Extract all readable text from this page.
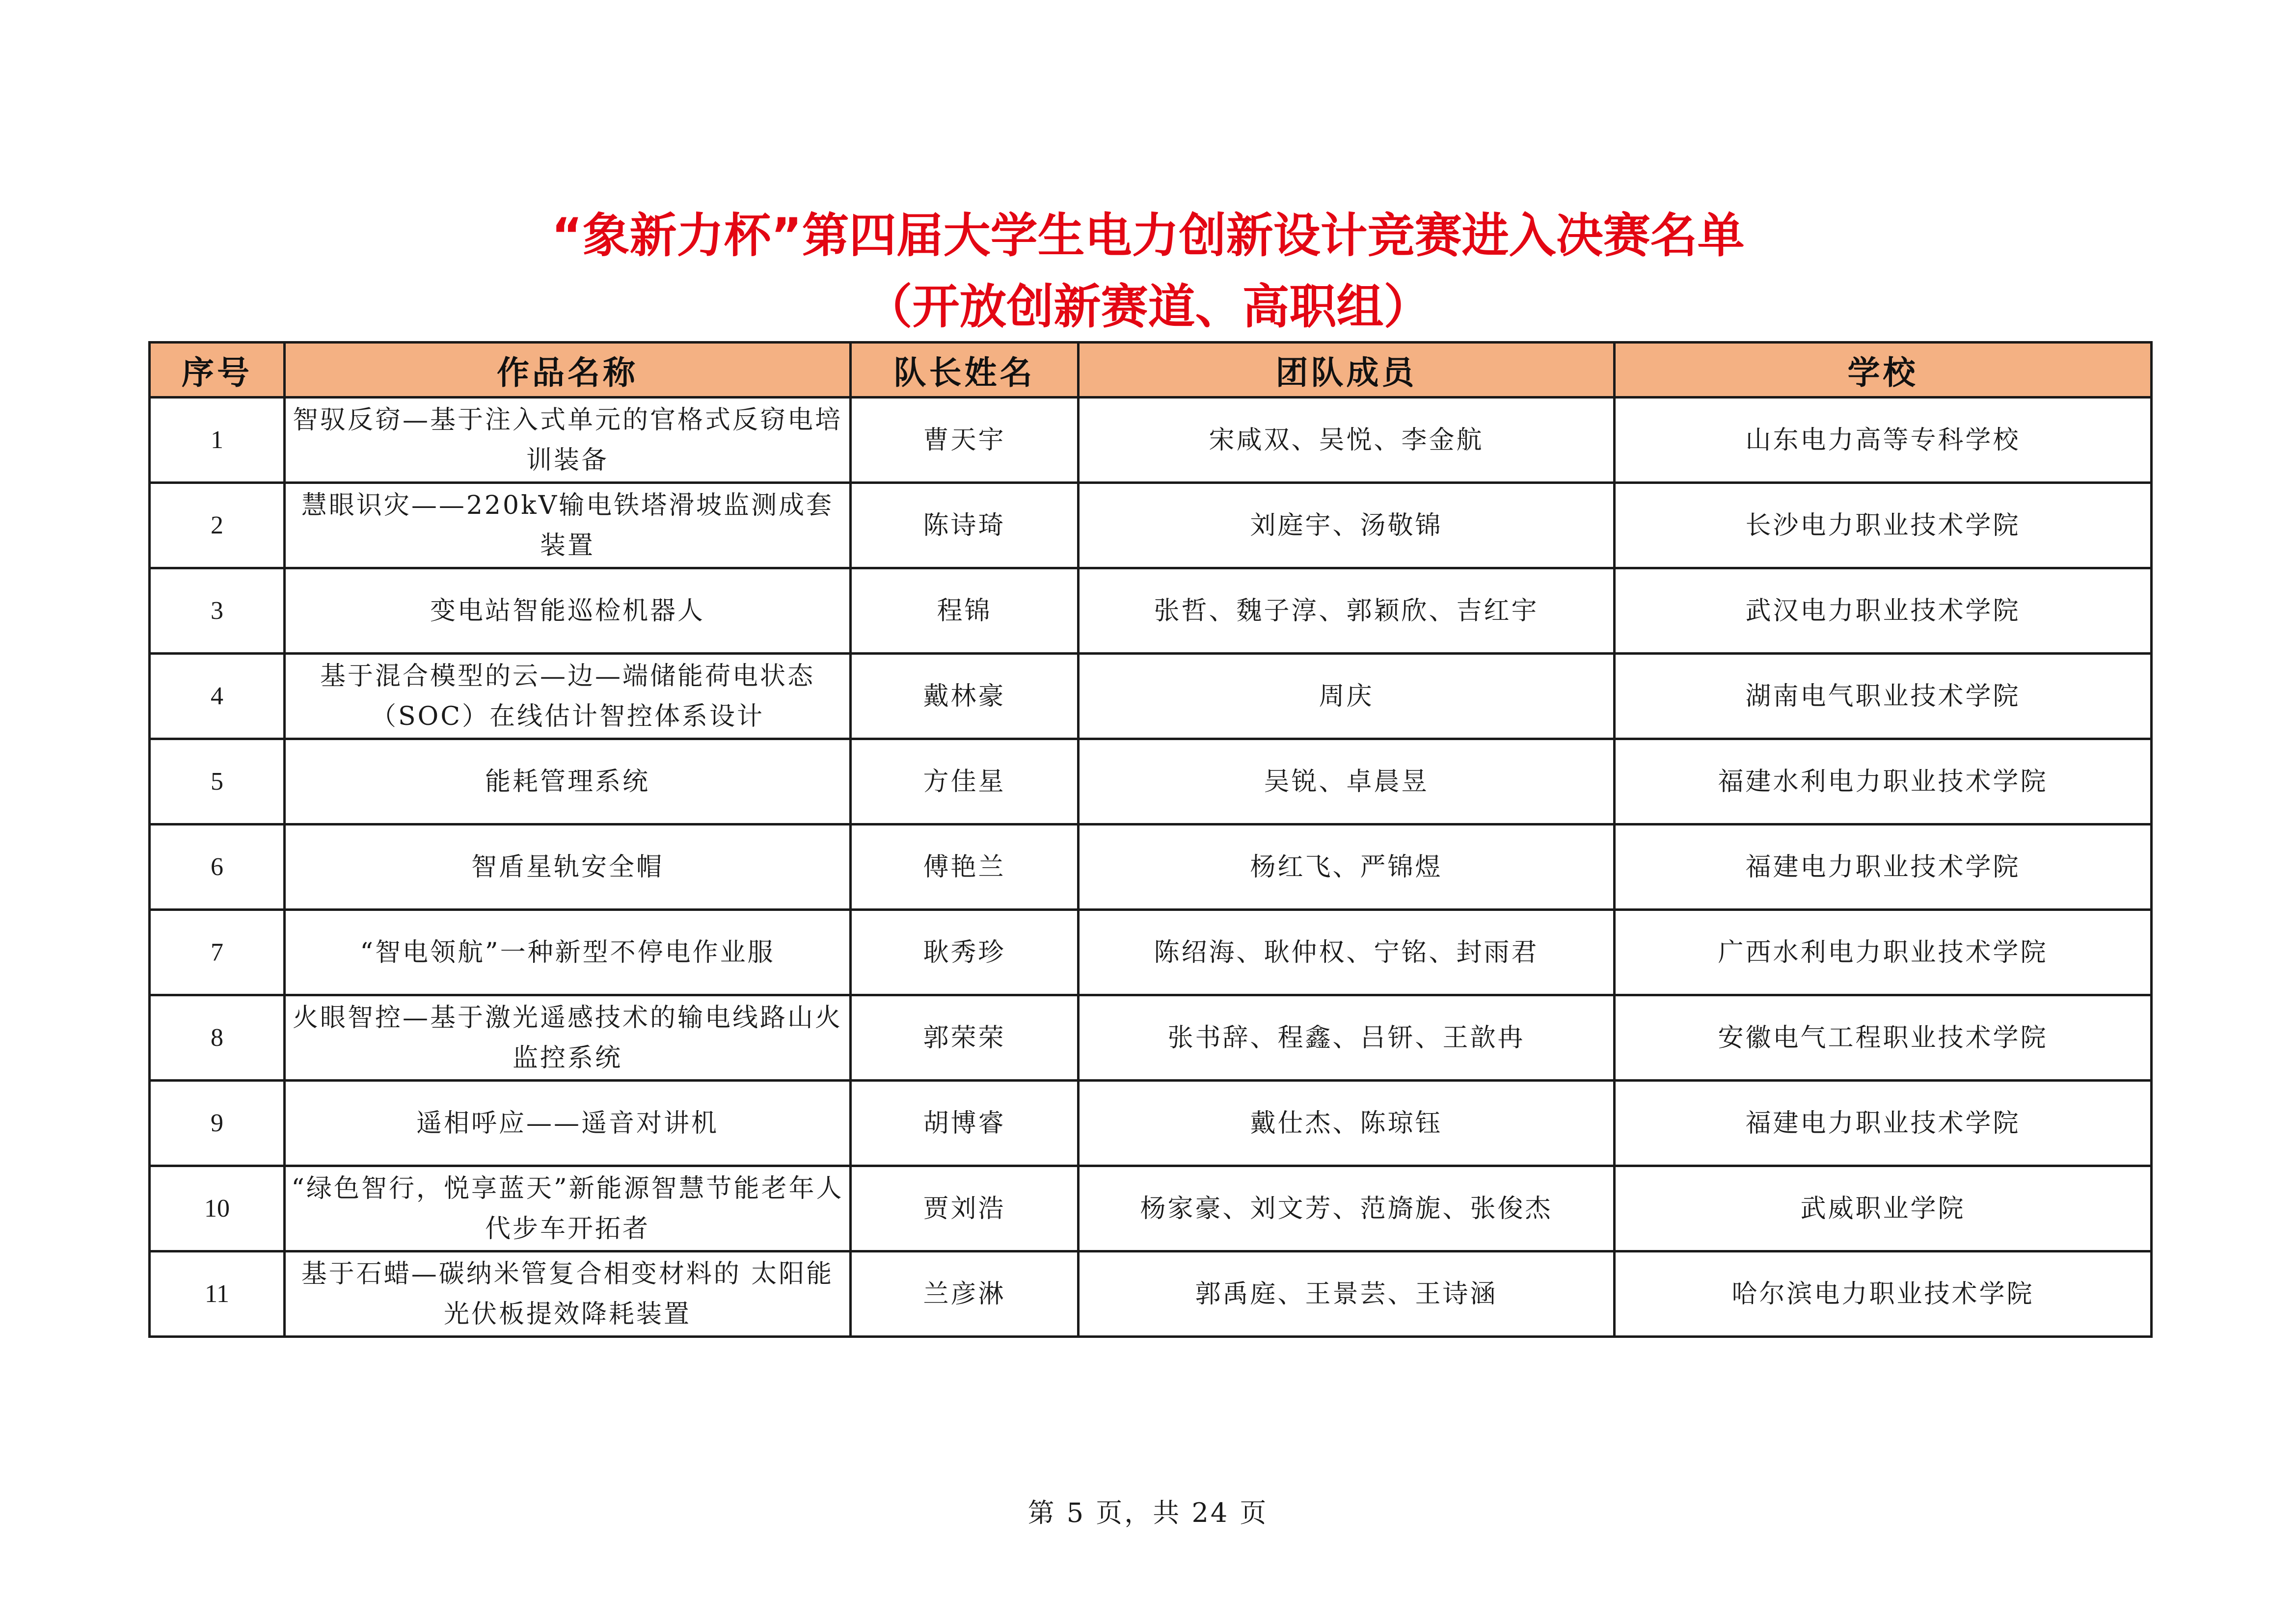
“象新力杯”第四届大学生电力创新设计竞赛进入决赛名单
（开放创新赛道、高职组）
序号	作品名称	队长姓名	团队成员	学校
1	智驭反窃—基于注入式单元的官格式反窃电培训装备	曹天宇	宋咸双、吴悦、李金航	山东电力高等专科学校
2	慧眼识灾——220kV输电铁塔滑坡监测成套装置	陈诗琦	刘庭宇、汤敬锦	长沙电力职业技术学院
3	变电站智能巡检机器人	程锦	张哲、魏子淳、郭颖欣、吉红宇	武汉电力职业技术学院
4	基于混合模型的云—边—端储能荷电状态（SOC）在线估计智控体系设计	戴林豪	周庆	湖南电气职业技术学院
5	能耗管理系统	方佳星	吴锐、卓晨昱	福建水利电力职业技术学院
6	智盾星轨安全帽	傅艳兰	杨红飞、严锦煜	福建电力职业技术学院
7	“智电领航”一种新型不停电作业服	耿秀珍	陈绍海、耿仲权、宁铭、封雨君	广西水利电力职业技术学院
8	火眼智控—基于激光遥感技术的输电线路山火监控系统	郭荣荣	张书辞、程鑫、吕钘、王歆冉	安徽电气工程职业技术学院
9	遥相呼应——遥音对讲机	胡博睿	戴仕杰、陈琼钰	福建电力职业技术学院
10	“绿色智行，悦享蓝天”新能源智慧节能老年人代步车开拓者	贾刘浩	杨家豪、刘文芳、范旖旎、张俊杰	武威职业学院
11	基于石蜡—碳纳米管复合相变材料的 太阳能光伏板提效降耗装置	兰彦淋	郭禹庭、王景芸、王诗涵	哈尔滨电力职业技术学院
第 5 页，共 24 页
